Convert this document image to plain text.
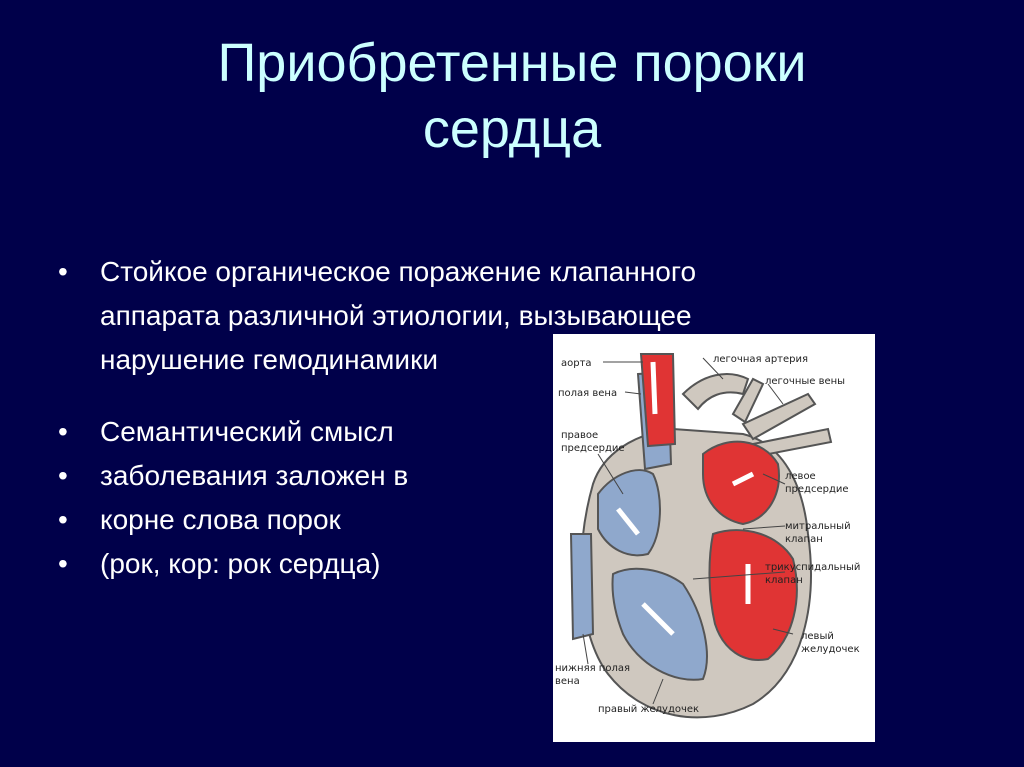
Приобретенные пороки
сердца
• Стойкое органическое поражение клапанного
аппарата различной этиологии, вызывающее
нарушение гемодинамики
• Семантический смысл
• заболевания заложен в
• корне слова порок
• (рок, кор: рок сердца)
аорта
полая вена
легочная артерия
легочные вены
правое
предсердие
левое
предсердие
митральный
клапан
трикуспидальный
клапан
левый
желудочек
нижняя полая
вена
правый желудочек
